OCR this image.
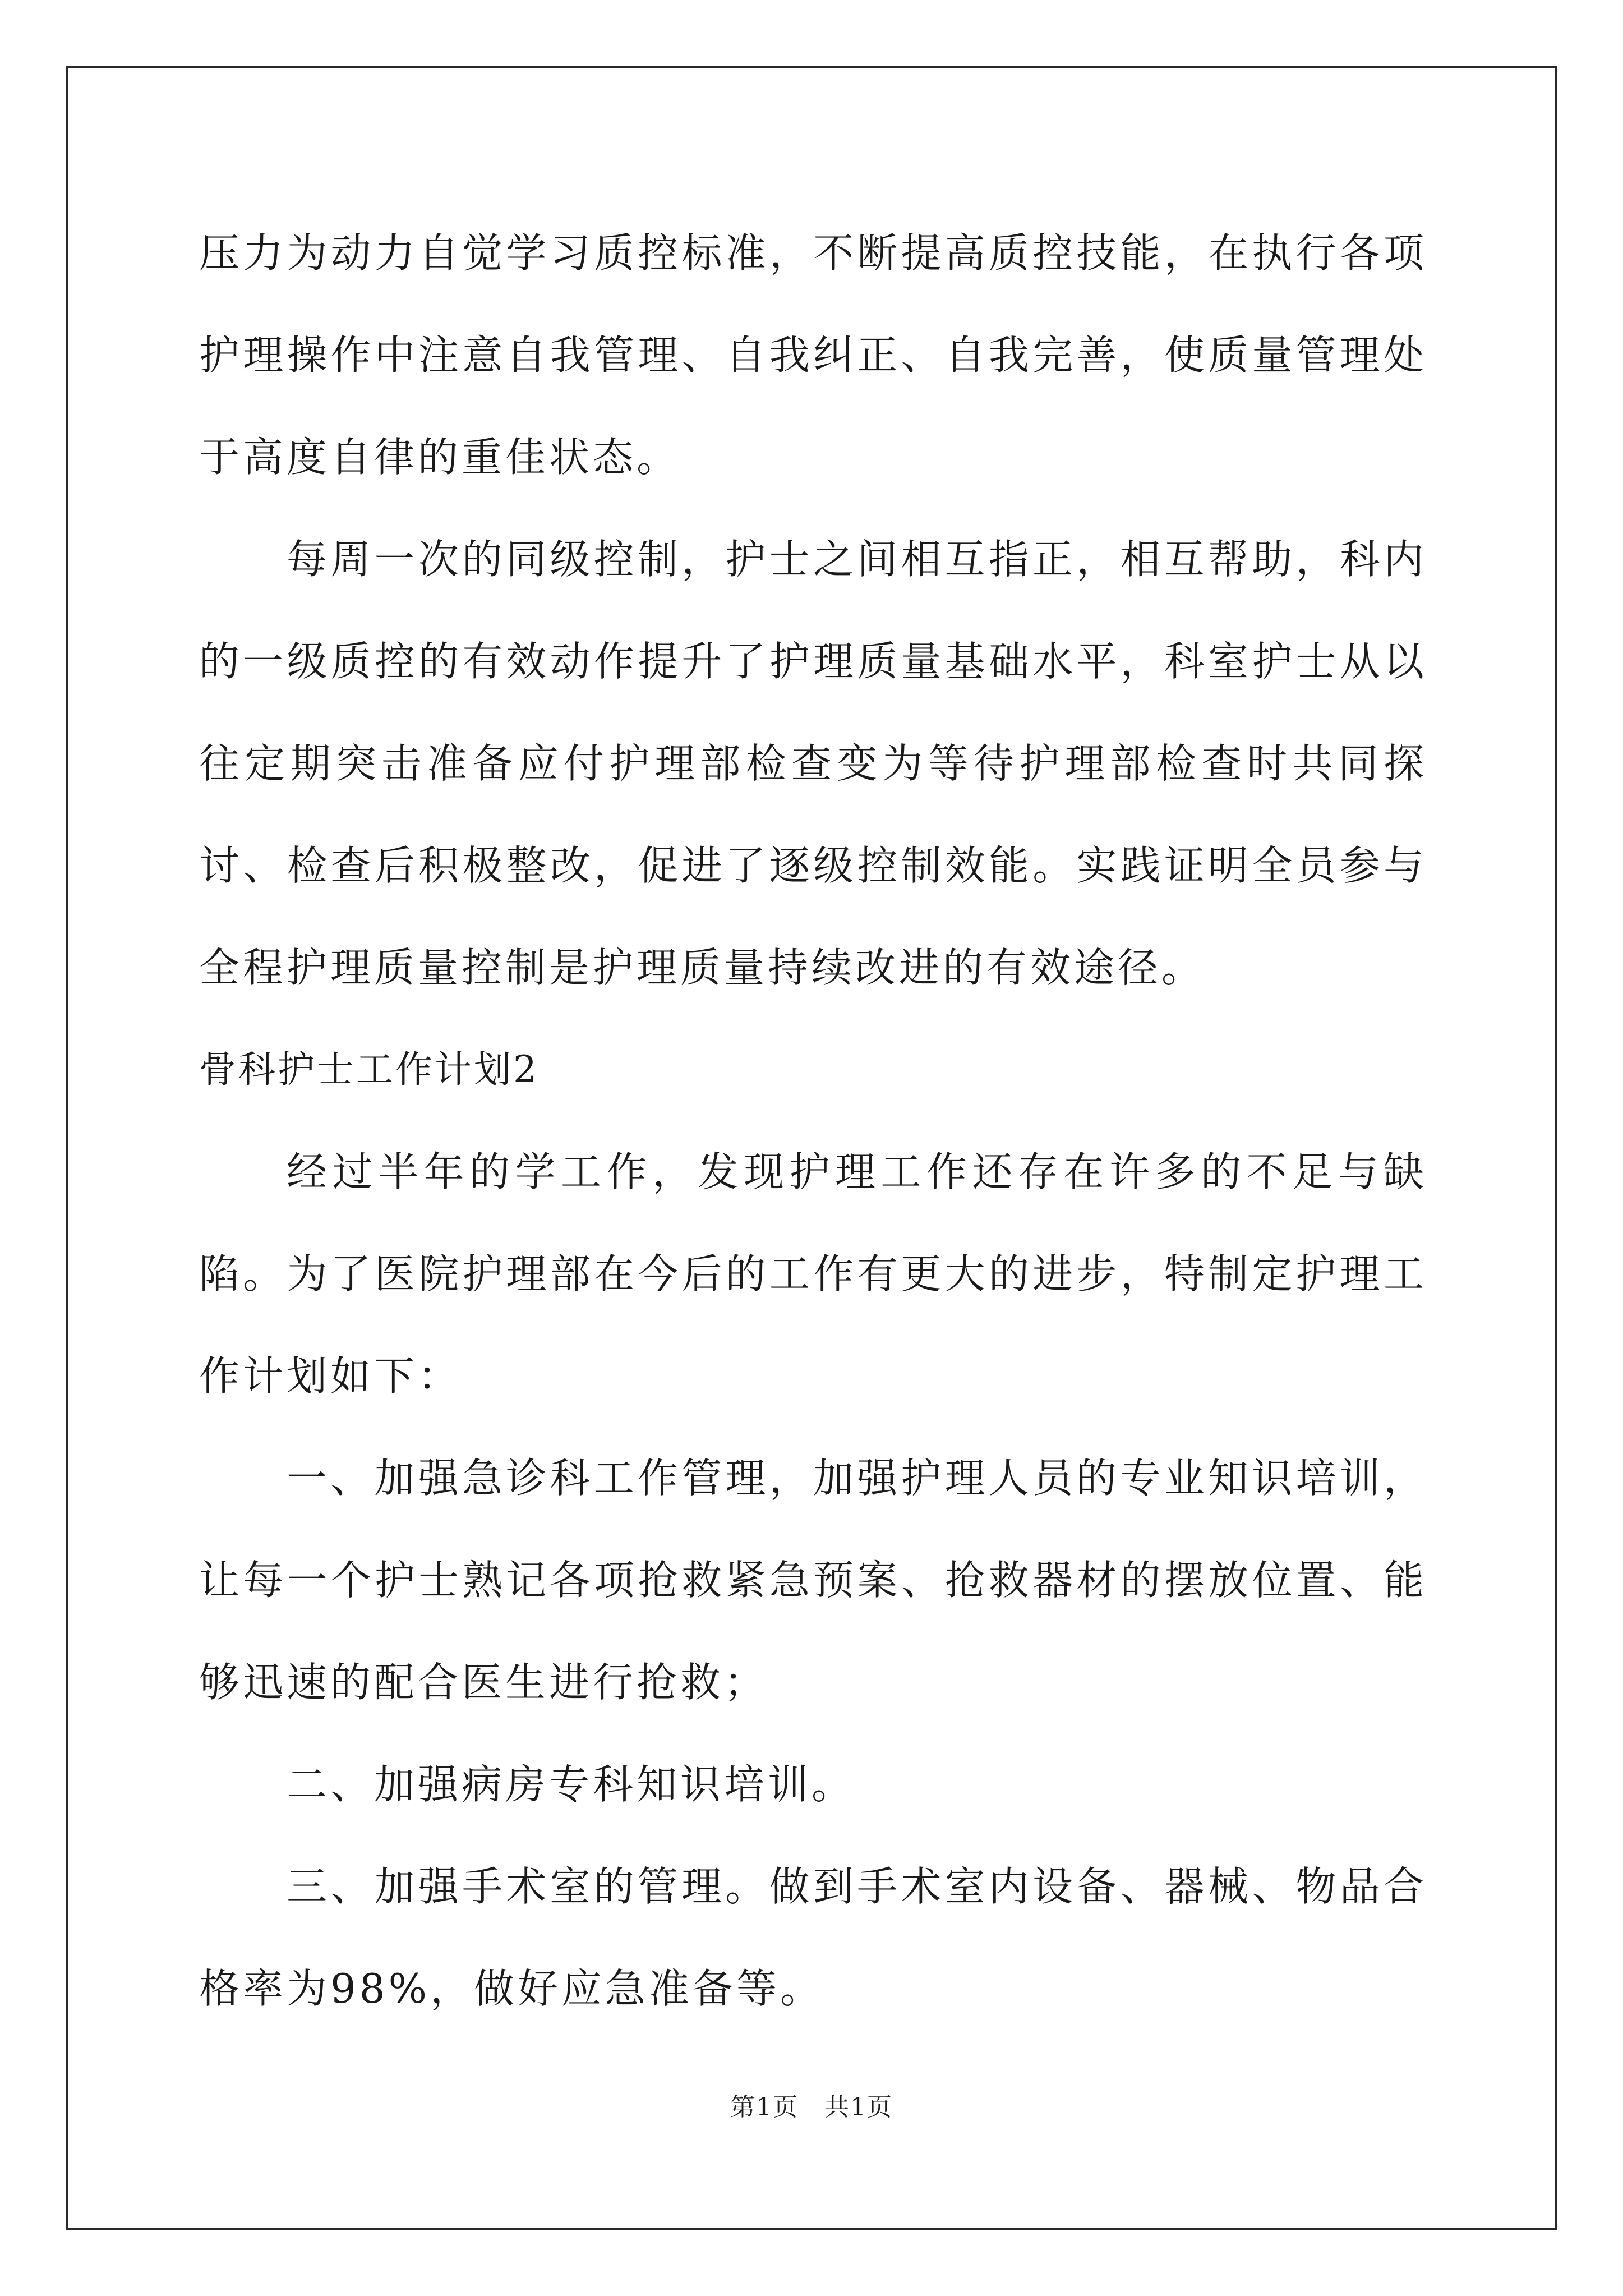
压力为动力自觉学习质控标准，不断提高质控技能，在执行各项护理操作中注意自我管理、自我纠正、自我完善，使质量管理处于高度自律的重佳状态。

每周一次的同级控制，护士之间相互指正，相互帮助，科内的一级质控的有效动作提升了护理质量基础水平，科室护士从以往定期突击准备应付护理部检查变为等待护理部检查时共同探讨、检查后积极整改，促进了逐级控制效能。实践证明全员参与全程护理质量控制是护理质量持续改进的有效途径。

骨科护士工作计划2

经过半年的学工作，发现护理工作还存在许多的不足与缺陷。为了医院护理部在今后的工作有更大的进步，特制定护理工作计划如下：

一、加强急诊科工作管理，加强护理人员的专业知识培训，让每一个护士熟记各项抢救紧急预案、抢救器材的摆放位置、能够迅速的配合医生进行抢救；

二、加强病房专科知识培训。

三、加强手术室的管理。做到手术室内设备、器械、物品合格率为98%，做好应急准备等。

第1页　共1页
